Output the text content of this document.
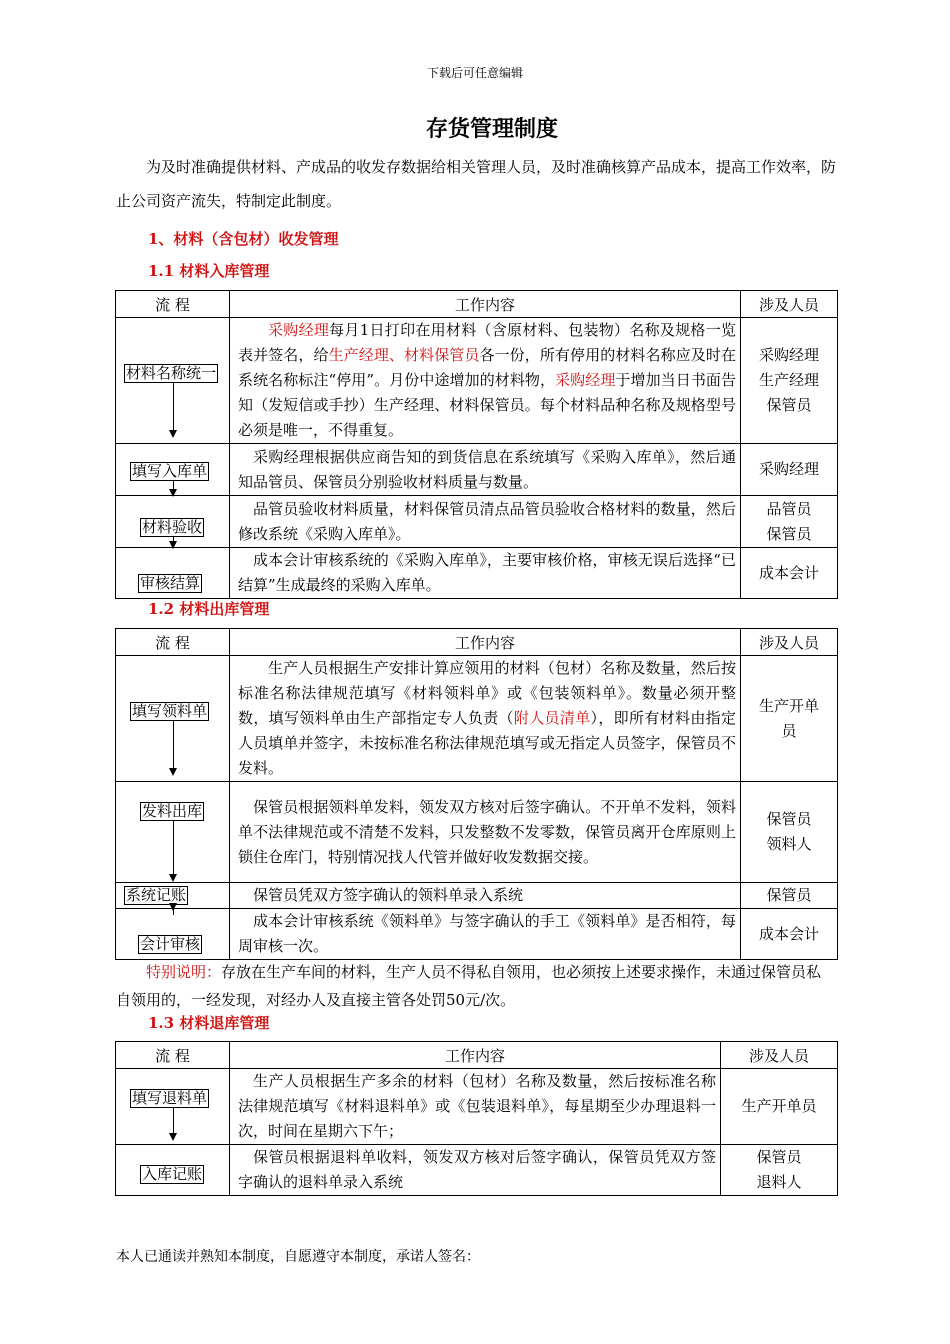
下载后可任意编辑
存货管理制度
为及时准确提供材料、产成品的收发存数据给相关管理人员，及时准确核算产品成本，提高工作效率，防止公司资产流失，特制定此制度。
1、材料（含包材）收发管理
1.1 材料入库管理
流 程	工作内容	涉及人员

材料名称统一	采购经理每月1日打印在用材料（含原材料、包装物）名称及规格一览表并签名，给生产经理、材料保管员各一份，所有停用的材料名称应及时在系统名称标注“停用”。月份中途增加的材料物，采购经理于增加当日书面告知（发短信或手抄）生产经理、材料保管员。每个材料品种名称及规格型号必须是唯一，不得重复。	采购经理
生产经理
保管员

填写入库单	采购经理根据供应商告知的到货信息在系统填写《采购入库单》，然后通知品管员、保管员分别验收材料质量与数量。	采购经理

材料验收	品管员验收材料质量，材料保管员清点品管员验收合格材料的数量，然后修改系统《采购入库单》。	品管员
保管员

审核结算	成本会计审核系统的《采购入库单》，主要审核价格，审核无误后选择“已结算”生成最终的采购入库单。	成本会计
1.2 材料出库管理
流 程	工作内容	涉及人员

填写领料单	生产人员根据生产安排计算应领用的材料（包材）名称及数量，然后按标准名称法律规范填写《材料领料单》或《包装领料单》。数量必须开整数，填写领料单由生产部指定专人负责（附人员清单），即所有材料由指定人员填单并签字，未按标准名称法律规范填写或无指定人员签字，保管员不发料。	生产开单
员

发料出库	保管员根据领料单发料，领发双方核对后签字确认。不开单不发料，领料单不法律规范或不清楚不发料，只发整数不发零数，保管员离开仓库原则上锁住仓库门，特别情况找人代管并做好收发数据交接。	保管员
领料人

系统记账	保管员凭双方签字确认的领料单录入系统	保管员

会计审核	成本会计审核系统《领料单》与签字确认的手工《领料单》是否相符，每周审核一次。	成本会计
特别说明：存放在生产车间的材料，生产人员不得私自领用，也必须按上述要求操作，未通过保管员私自领用的，一经发现，对经办人及直接主管各处罚50元/次。
1.3 材料退库管理
流 程	工作内容	涉及人员

填写退料单	生产人员根据生产多余的材料（包材）名称及数量，然后按标准名称法律规范填写《材料退料单》或《包装退料单》，每星期至少办理退料一次，时间在星期六下午；	生产开单员

入库记账	保管员根据退料单收料，领发双方核对后签字确认，保管员凭双方签字确认的退料单录入系统	保管员
退料人
本人已通读并熟知本制度，自愿遵守本制度，承诺人签名：
